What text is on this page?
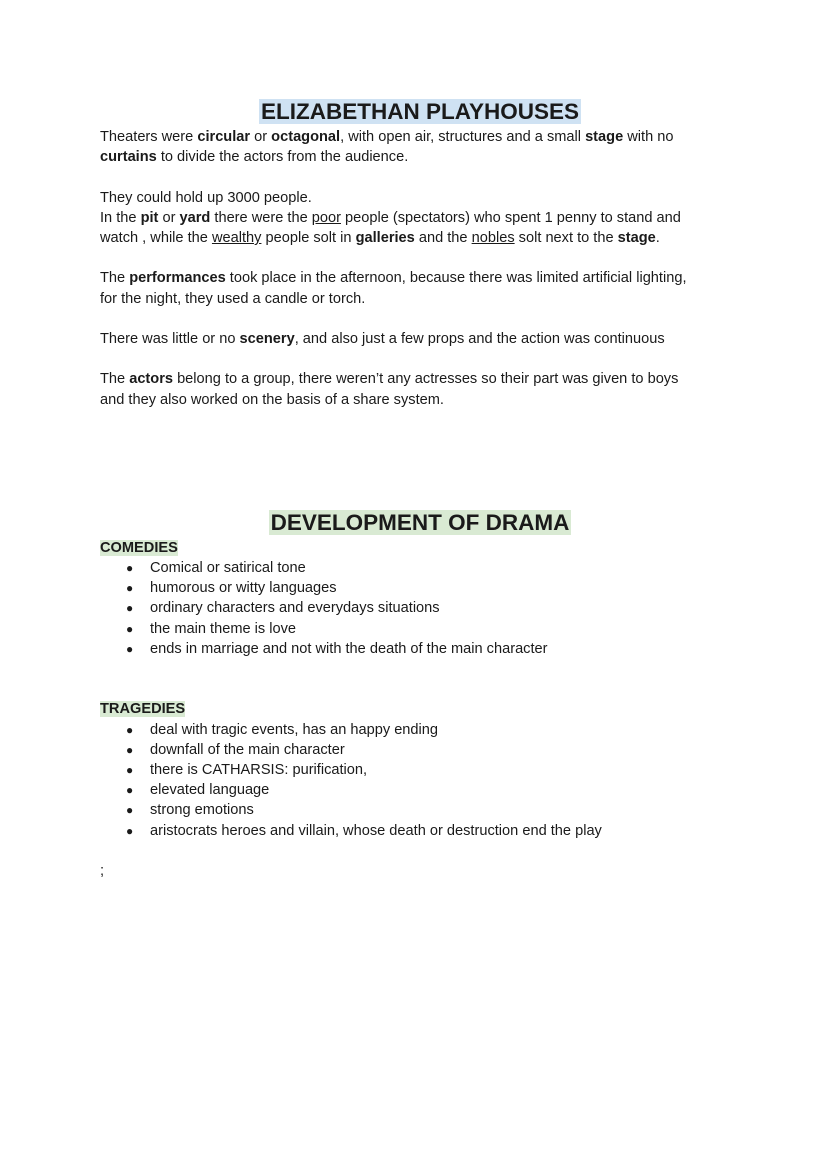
ELIZABETHAN PLAYHOUSES

Theaters were circular or octagonal, with open air, structures and a small stage with no
curtains to divide the actors from the audience.

They could hold up 3000 people.
In the pit or yard there were the poor people (spectators) who spent 1 penny to stand and
watch , while the wealthy people solt in galleries and the nobles solt next to the stage.

The performances took place in the afternoon, because there was limited artificial lighting,
for the night, they used a candle or torch.

There was little or no scenery, and also just a few props and the action was continuous

The actors belong to a group, there weren’t any actresses so their part was given to boys
and they also worked on the basis of a share system.

DEVELOPMENT OF DRAMA

COMEDIES

● Comical or satirical tone
● humorous or witty languages
● ordinary characters and everydays situations
● the main theme is love
● ends in marriage and not with the death of the main character

TRAGEDIES

● deal with tragic events, has an happy ending
● downfall of the main character
● there is CATHARSIS: purification,
● elevated language
● strong emotions
● aristocrats heroes and villain, whose death or destruction end the play

;
